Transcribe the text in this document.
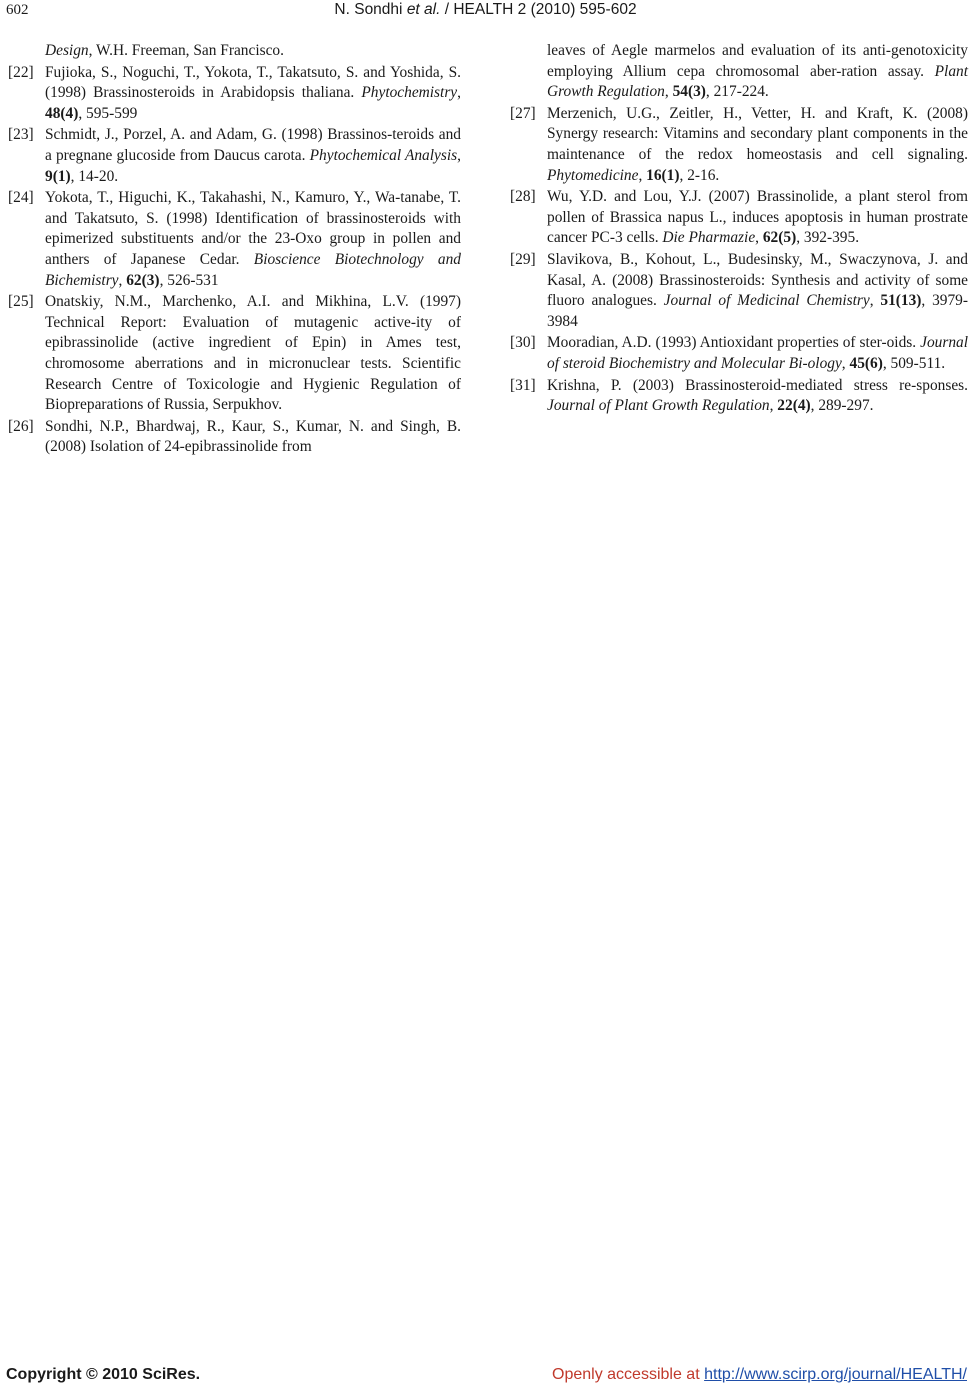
602	N. Sondhi et al. / HEALTH 2 (2010) 595-602

Design, W.H. Freeman, San Francisco.

[22] Fujioka, S., Noguchi, T., Yokota, T., Takatsuto, S. and Yoshida, S. (1998) Brassinosteroids in Arabidopsis thaliana. Phytochemistry, 48(4), 595-599

[23] Schmidt, J., Porzel, A. and Adam, G. (1998) Brassinos-teroids and a pregnane glucoside from Daucus carota. Phytochemical Analysis, 9(1), 14-20.

[24] Yokota, T., Higuchi, K., Takahashi, N., Kamuro, Y., Wa-tanabe, T. and Takatsuto, S. (1998) Identification of brassinosteroids with epimerized substituents and/or the 23-Oxo group in pollen and anthers of Japanese Cedar. Bioscience Biotechnology and Bichemistry, 62(3), 526-531

[25] Onatskiy, N.M., Marchenko, A.I. and Mikhina, L.V. (1997) Technical Report: Evaluation of mutagenic active-ity of epibrassinolide (active ingredient of Epin) in Ames test, chromosome aberrations and in micronuclear tests. Scientific Research Centre of Toxicologie and Hygienic Regulation of Biopreparations of Russia, Serpukhov.

[26] Sondhi, N.P., Bhardwaj, R., Kaur, S., Kumar, N. and Singh, B. (2008) Isolation of 24-epibrassinolide from

leaves of Aegle marmelos and evaluation of its anti-genotoxicity employing Allium cepa chromosomal aber-ration assay. Plant Growth Regulation, 54(3), 217-224.

[27] Merzenich, U.G., Zeitler, H., Vetter, H. and Kraft, K. (2008) Synergy research: Vitamins and secondary plant components in the maintenance of the redox homeostasis and cell signaling. Phytomedicine, 16(1), 2-16.

[28] Wu, Y.D. and Lou, Y.J. (2007) Brassinolide, a plant sterol from pollen of Brassica napus L., induces apoptosis in human prostrate cancer PC-3 cells. Die Pharmazie, 62(5), 392-395.

[29] Slavikova, B., Kohout, L., Budesinsky, M., Swaczynova, J. and Kasal, A. (2008) Brassinosteroids: Synthesis and activity of some fluoro analogues. Journal of Medicinal Chemistry, 51(13), 3979-3984

[30] Mooradian, A.D. (1993) Antioxidant properties of ster-oids. Journal of steroid Biochemistry and Molecular Bi-ology, 45(6), 509-511.

[31] Krishna, P. (2003) Brassinosteroid-mediated stress re-sponses. Journal of Plant Growth Regulation, 22(4), 289-297.

Copyright © 2010 SciRes.	Openly accessible at http://www.scirp.org/journal/HEALTH/
